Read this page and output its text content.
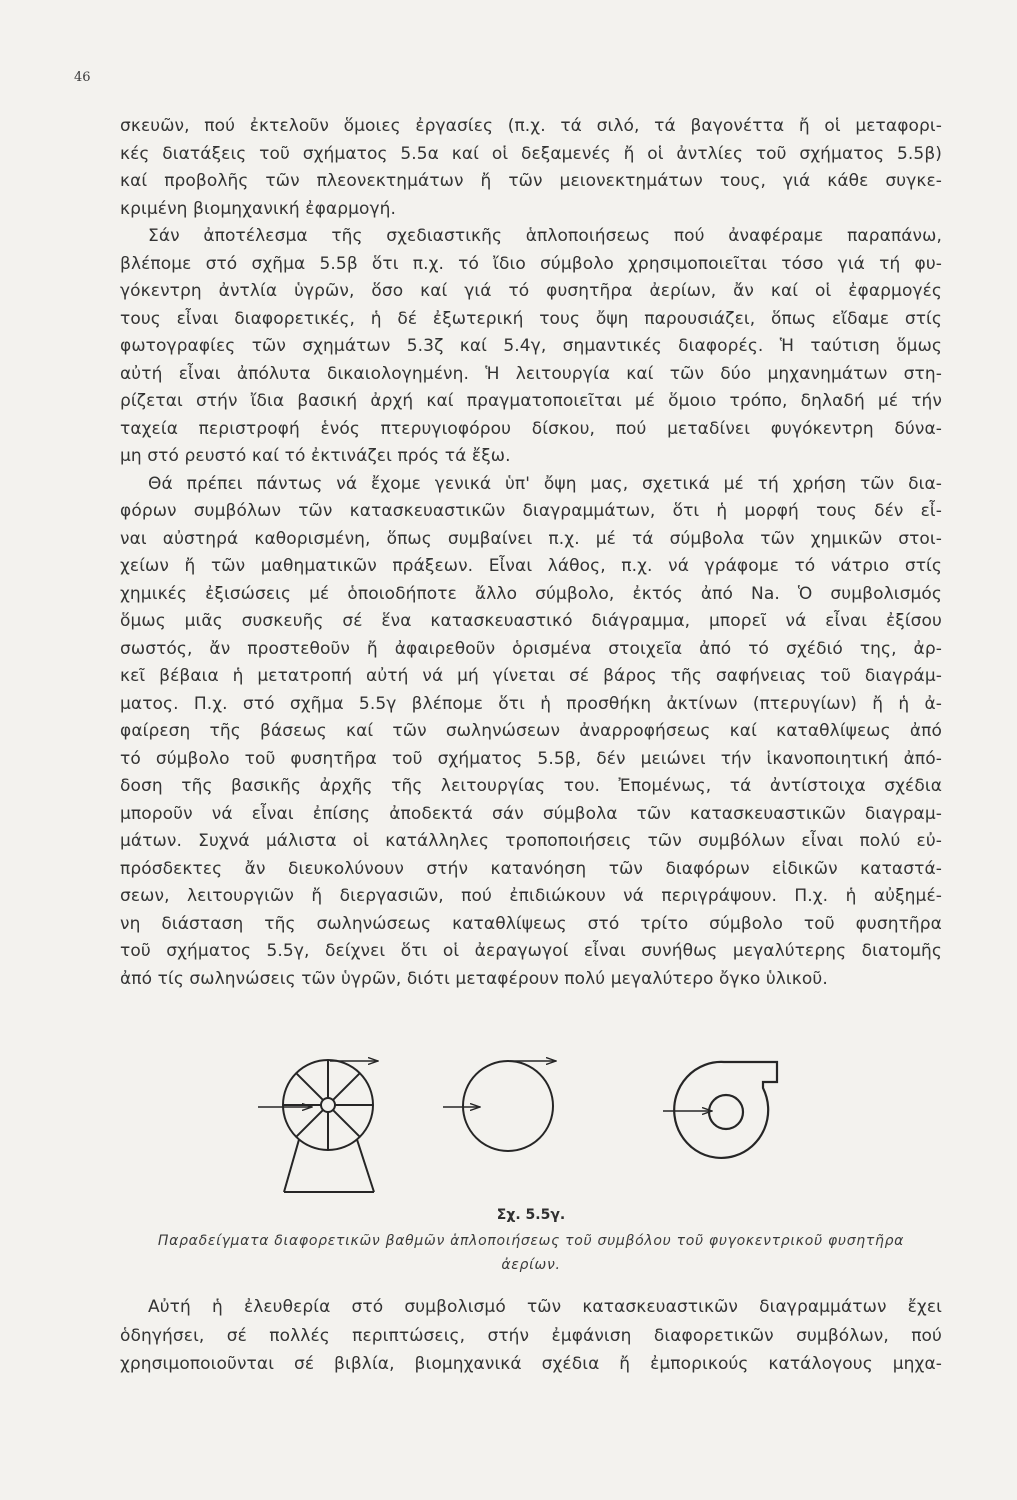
46
σκευῶν, πού ἐκτελοῦν ὅμοιες ἐργασίες (π.χ. τά σιλό, τά βαγονέττα ἤ οἱ μεταφορι-
κές διατάξεις τοῦ σχήματος 5.5α καί οἱ δεξαμενές ἤ οἱ ἀντλίες τοῦ σχήματος 5.5β)
καί προβολῆς τῶν πλεονεκτημάτων ἤ τῶν μειονεκτημάτων τους, γιά κάθε συγκε-
κριμένη βιομηχανική ἐφαρμογή.
Σάν ἀποτέλεσμα τῆς σχεδιαστικῆς ἁπλοποιήσεως πού ἀναφέραμε παραπάνω,
βλέπομε στό σχῆμα 5.5β ὅτι π.χ. τό ἴδιο σύμβολο χρησιμοποιεῖται τόσο γιά τή φυ-
γόκεντρη ἀντλία ὑγρῶν, ὅσο καί γιά τό φυσητῆρα ἀερίων, ἄν καί οἱ ἐφαρμογές
τους εἶναι διαφορετικές, ἡ δέ ἐξωτερική τους ὄψη παρουσιάζει, ὅπως εἴδαμε στίς
φωτογραφίες τῶν σχημάτων 5.3ζ καί 5.4γ, σημαντικές διαφορές. Ἡ ταύτιση ὅμως
αὐτή εἶναι ἀπόλυτα δικαιολογημένη. Ἡ λειτουργία καί τῶν δύο μηχανημάτων στη-
ρίζεται στήν ἴδια βασική ἀρχή καί πραγματοποιεῖται μέ ὅμοιο τρόπο, δηλαδή μέ τήν
ταχεία περιστροφή ἑνός πτερυγιοφόρου δίσκου, πού μεταδίνει φυγόκεντρη δύνα-
μη στό ρευστό καί τό ἐκτινάζει πρός τά ἔξω.
Θά πρέπει πάντως νά ἔχομε γενικά ὑπ' ὄψη μας, σχετικά μέ τή χρήση τῶν δια-
φόρων συμβόλων τῶν κατασκευαστικῶν διαγραμμάτων, ὅτι ἡ μορφή τους δέν εἶ-
ναι αὐστηρά καθορισμένη, ὅπως συμβαίνει π.χ. μέ τά σύμβολα τῶν χημικῶν στοι-
χείων ἤ τῶν μαθηματικῶν πράξεων. Εἶναι λάθος, π.χ. νά γράφομε τό νάτριο στίς
χημικές ἐξισώσεις μέ ὁποιοδήποτε ἄλλο σύμβολο, ἐκτός ἀπό Na. Ὁ συμβολισμός
ὅμως μιᾶς συσκευῆς σέ ἕνα κατασκευαστικό διάγραμμα, μπορεῖ νά εἶναι ἐξίσου
σωστός, ἄν προστεθοῦν ἤ ἀφαιρεθοῦν ὁρισμένα στοιχεῖα ἀπό τό σχέδιό της, ἀρ-
κεῖ βέβαια ἡ μετατροπή αὐτή νά μή γίνεται σέ βάρος τῆς σαφήνειας τοῦ διαγράμ-
ματος. Π.χ. στό σχῆμα 5.5γ βλέπομε ὅτι ἡ προσθήκη ἀκτίνων (πτερυγίων) ἤ ἡ ἀ-
φαίρεση τῆς βάσεως καί τῶν σωληνώσεων ἀναρροφήσεως καί καταθλίψεως ἀπό
τό σύμβολο τοῦ φυσητῆρα τοῦ σχήματος 5.5β, δέν μειώνει τήν ἱκανοποιητική ἀπό-
δοση τῆς βασικῆς ἀρχῆς τῆς λειτουργίας του. Ἐπομένως, τά ἀντίστοιχα σχέδια
μποροῦν νά εἶναι ἐπίσης ἀποδεκτά σάν σύμβολα τῶν κατασκευαστικῶν διαγραμ-
μάτων. Συχνά μάλιστα οἱ κατάλληλες τροποποιήσεις τῶν συμβόλων εἶναι πολύ εὐ-
πρόσδεκτες ἄν διευκολύνουν στήν κατανόηση τῶν διαφόρων εἰδικῶν καταστά-
σεων, λειτουργιῶν ἤ διεργασιῶν, πού ἐπιδιώκουν νά περιγράψουν. Π.χ. ἡ αὐξημέ-
νη διάσταση τῆς σωληνώσεως καταθλίψεως στό τρίτο σύμβολο τοῦ φυσητῆρα
τοῦ σχήματος 5.5γ, δείχνει ὅτι οἱ ἀεραγωγοί εἶναι συνήθως μεγαλύτερης διατομῆς
ἀπό τίς σωληνώσεις τῶν ὑγρῶν, διότι μεταφέρουν πολύ μεγαλύτερο ὄγκο ὑλικοῦ.
Σχ. 5.5γ.
Παραδείγματα διαφορετικῶν βαθμῶν ἁπλοποιήσεως τοῦ συμβόλου τοῦ φυγοκεντρικοῦ φυσητῆρα
ἀερίων.
Αὐτή ἡ ἐλευθερία στό συμβολισμό τῶν κατασκευαστικῶν διαγραμμάτων ἔχει
ὁδηγήσει, σέ πολλές περιπτώσεις, στήν ἐμφάνιση διαφορετικῶν συμβόλων, πού
χρησιμοποιοῦνται σέ βιβλία, βιομηχανικά σχέδια ἤ ἐμπορικούς κατάλογους μηχα-
